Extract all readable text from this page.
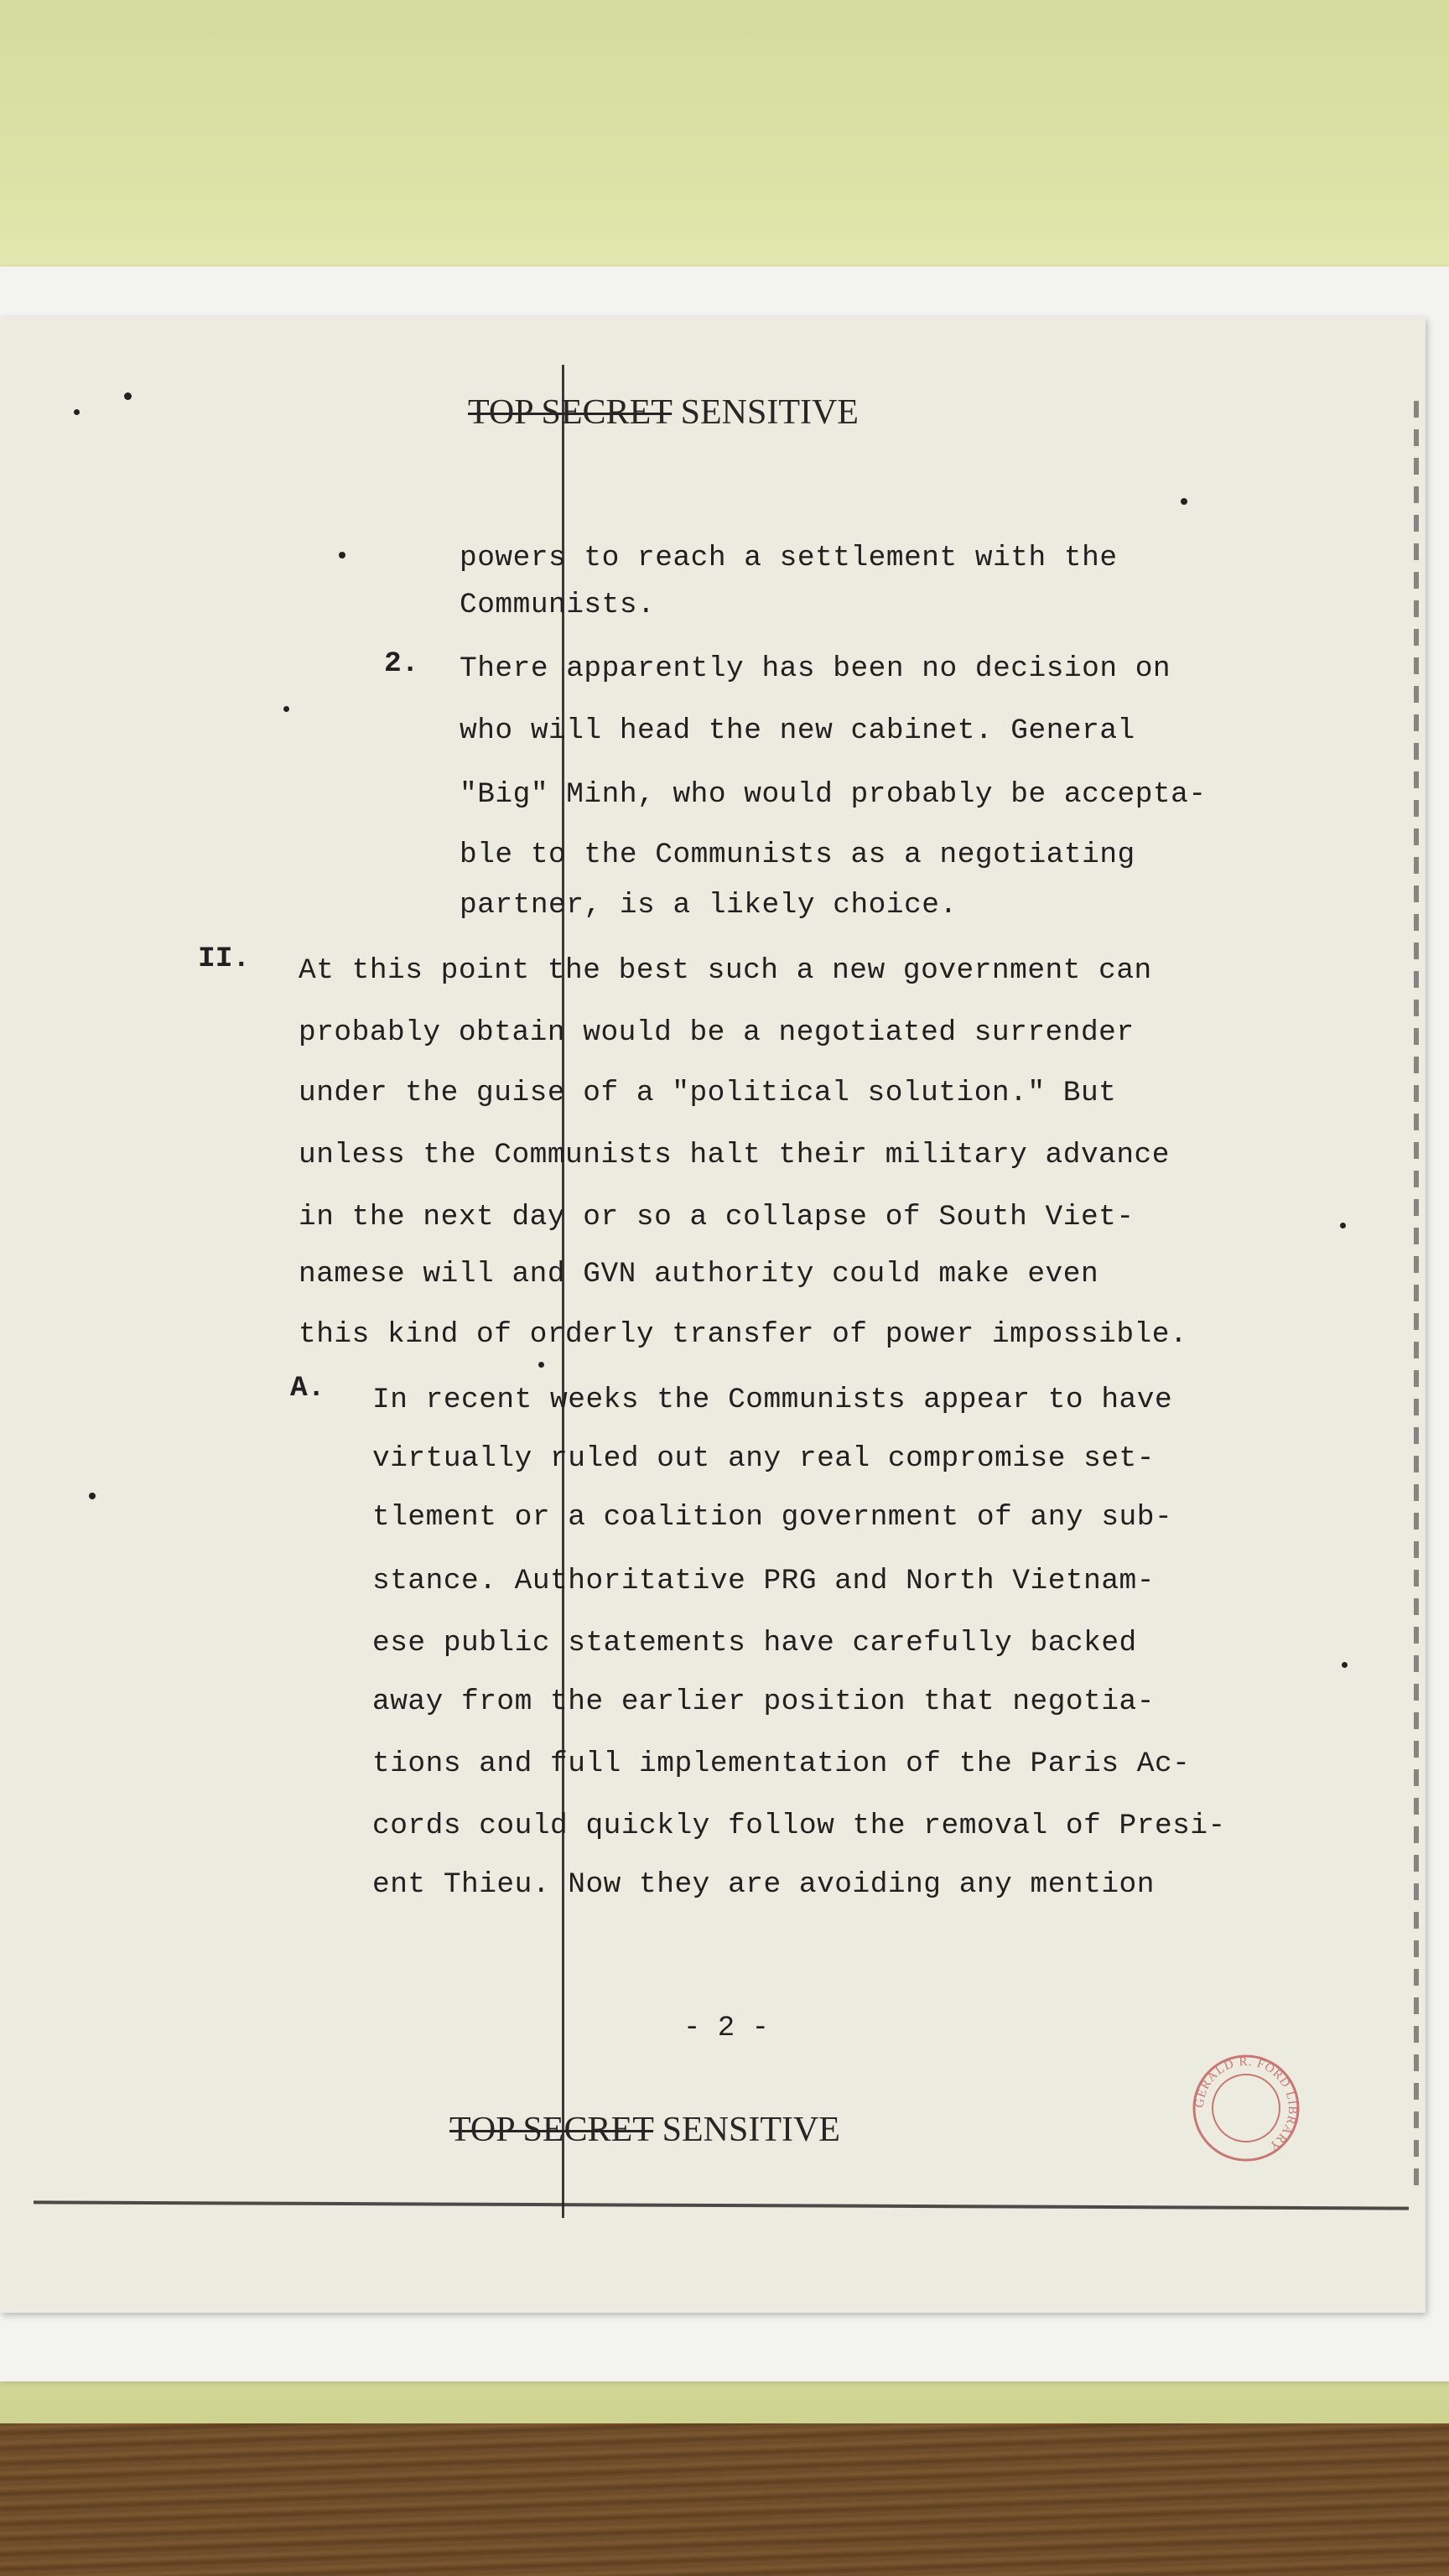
TOP SECRET SENSITIVE
powers to reach a settlement with the
Communists.
2. There apparently has been no decision on
who will head the new cabinet. General
"Big" Minh, who would probably be accepta-
ble to the Communists as a negotiating
partner, is a likely choice.
II. At this point the best such a new government can
probably obtain would be a negotiated surrender
under the guise of a "political solution." But
unless the Communists halt their military advance
in the next day or so a collapse of South Viet-
namese will and GVN authority could make even
this kind of orderly transfer of power impossible.
A. In recent weeks the Communists appear to have
virtually ruled out any real compromise set-
tlement or a coalition government of any sub-
stance. Authoritative PRG and North Vietnam-
ese public statements have carefully backed
away from the earlier position that negotia-
tions and full implementation of the Paris Ac-
cords could quickly follow the removal of Presi-
ent Thieu. Now they are avoiding any mention
- 2 -
TOP SECRET SENSITIVE
GERALD R. FORD LIBRARY
